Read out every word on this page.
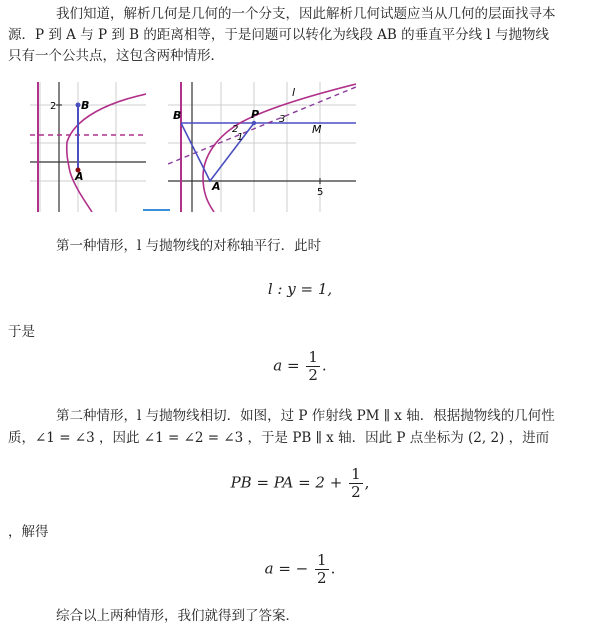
我们知道，解析几何是几何的一个分支，因此解析几何试题应当从几何的层面找寻本
源．P 到 A 与 P 到 B 的距离相等，于是问题可以转化为线段 AB 的垂直平分线 l 与抛物线
只有一个公共点，这包含两种情形．
2 B
A
B	P
l
2
3
1
M
A	5
第一种情形，l 与抛物线的对称轴平行．此时
l : y = 1,
于是
$a = \frac{1}{2}$ .
第二种情形，l 与抛物线相切．如图，过 P 作射线 PM ∥ x 轴．根据抛物线的几何性
质，∠1 = ∠3 ，因此 ∠1 = ∠2 = ∠3 ，于是 PB ∥ x 轴．因此 P 点坐标为 (2, 2) ，进而
PB = PA = $2 + \frac{1}{2}$ ,
，解得
a = − $\frac{1}{2}$ .
综合以上两种情形，我们就得到了答案．
